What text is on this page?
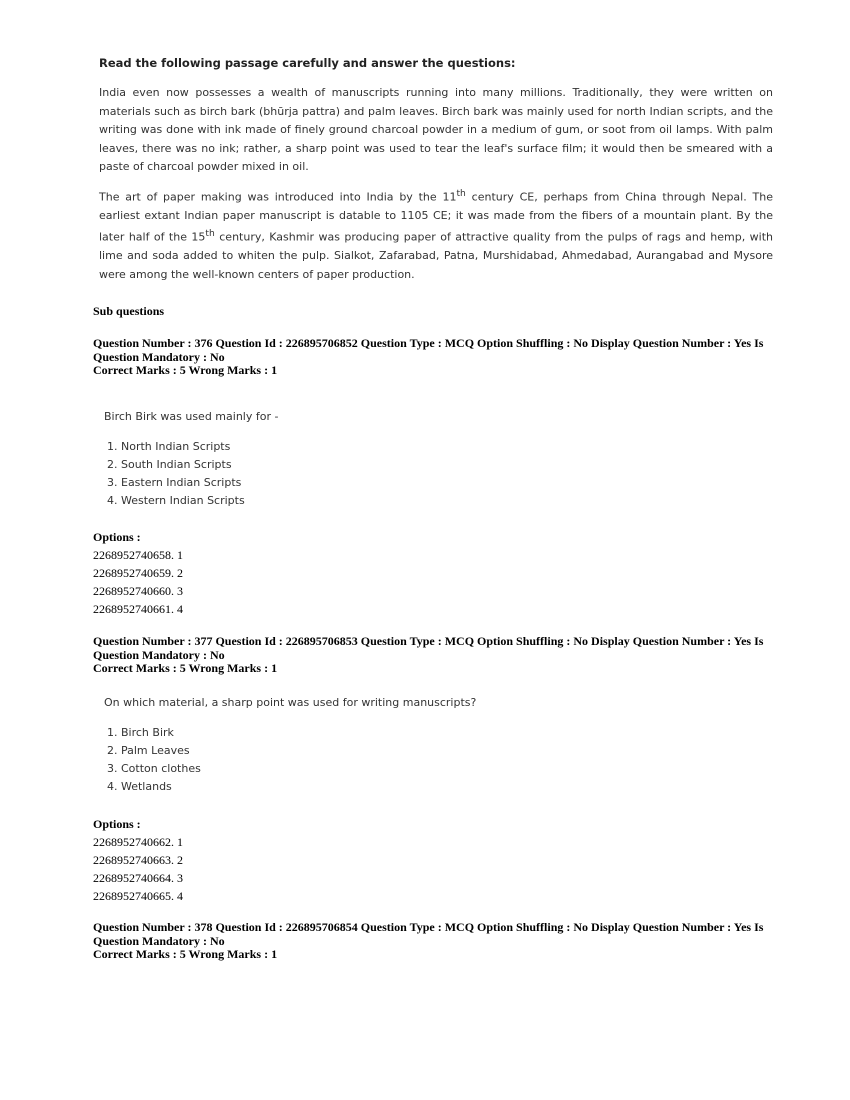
Read the following passage carefully and answer the questions:

India even now possesses a wealth of manuscripts running into many millions. Traditionally, they were written on materials such as birch bark (bhūrja pattra) and palm leaves. Birch bark was mainly used for north Indian scripts, and the writing was done with ink made of finely ground charcoal powder in a medium of gum, or soot from oil lamps. With palm leaves, there was no ink; rather, a sharp point was used to tear the leaf's surface film; it would then be smeared with a paste of charcoal powder mixed in oil.

The art of paper making was introduced into India by the 11th century CE, perhaps from China through Nepal. The earliest extant Indian paper manuscript is datable to 1105 CE; it was made from the fibers of a mountain plant. By the later half of the 15th century, Kashmir was producing paper of attractive quality from the pulps of rags and hemp, with lime and soda added to whiten the pulp. Sialkot, Zafarabad, Patna, Murshidabad, Ahmedabad, Aurangabad and Mysore were among the well-known centers of paper production.

Sub questions
Question Number : 376 Question Id : 226895706852 Question Type : MCQ Option Shuffling : No Display Question Number : Yes Is
Question Mandatory : No
Correct Marks : 5 Wrong Marks : 1
Birch Birk was used mainly for -
1. North Indian Scripts
2. South Indian Scripts
3. Eastern Indian Scripts
4. Western Indian Scripts
Options :
2268952740658. 1
2268952740659. 2
2268952740660. 3
2268952740661. 4
Question Number : 377 Question Id : 226895706853 Question Type : MCQ Option Shuffling : No Display Question Number : Yes Is
Question Mandatory : No
Correct Marks : 5 Wrong Marks : 1
On which material, a sharp point was used for writing manuscripts?
1. Birch Birk
2. Palm Leaves
3. Cotton clothes
4. Wetlands
Options :
2268952740662. 1
2268952740663. 2
2268952740664. 3
2268952740665. 4
Question Number : 378 Question Id : 226895706854 Question Type : MCQ Option Shuffling : No Display Question Number : Yes Is
Question Mandatory : No
Correct Marks : 5 Wrong Marks : 1
